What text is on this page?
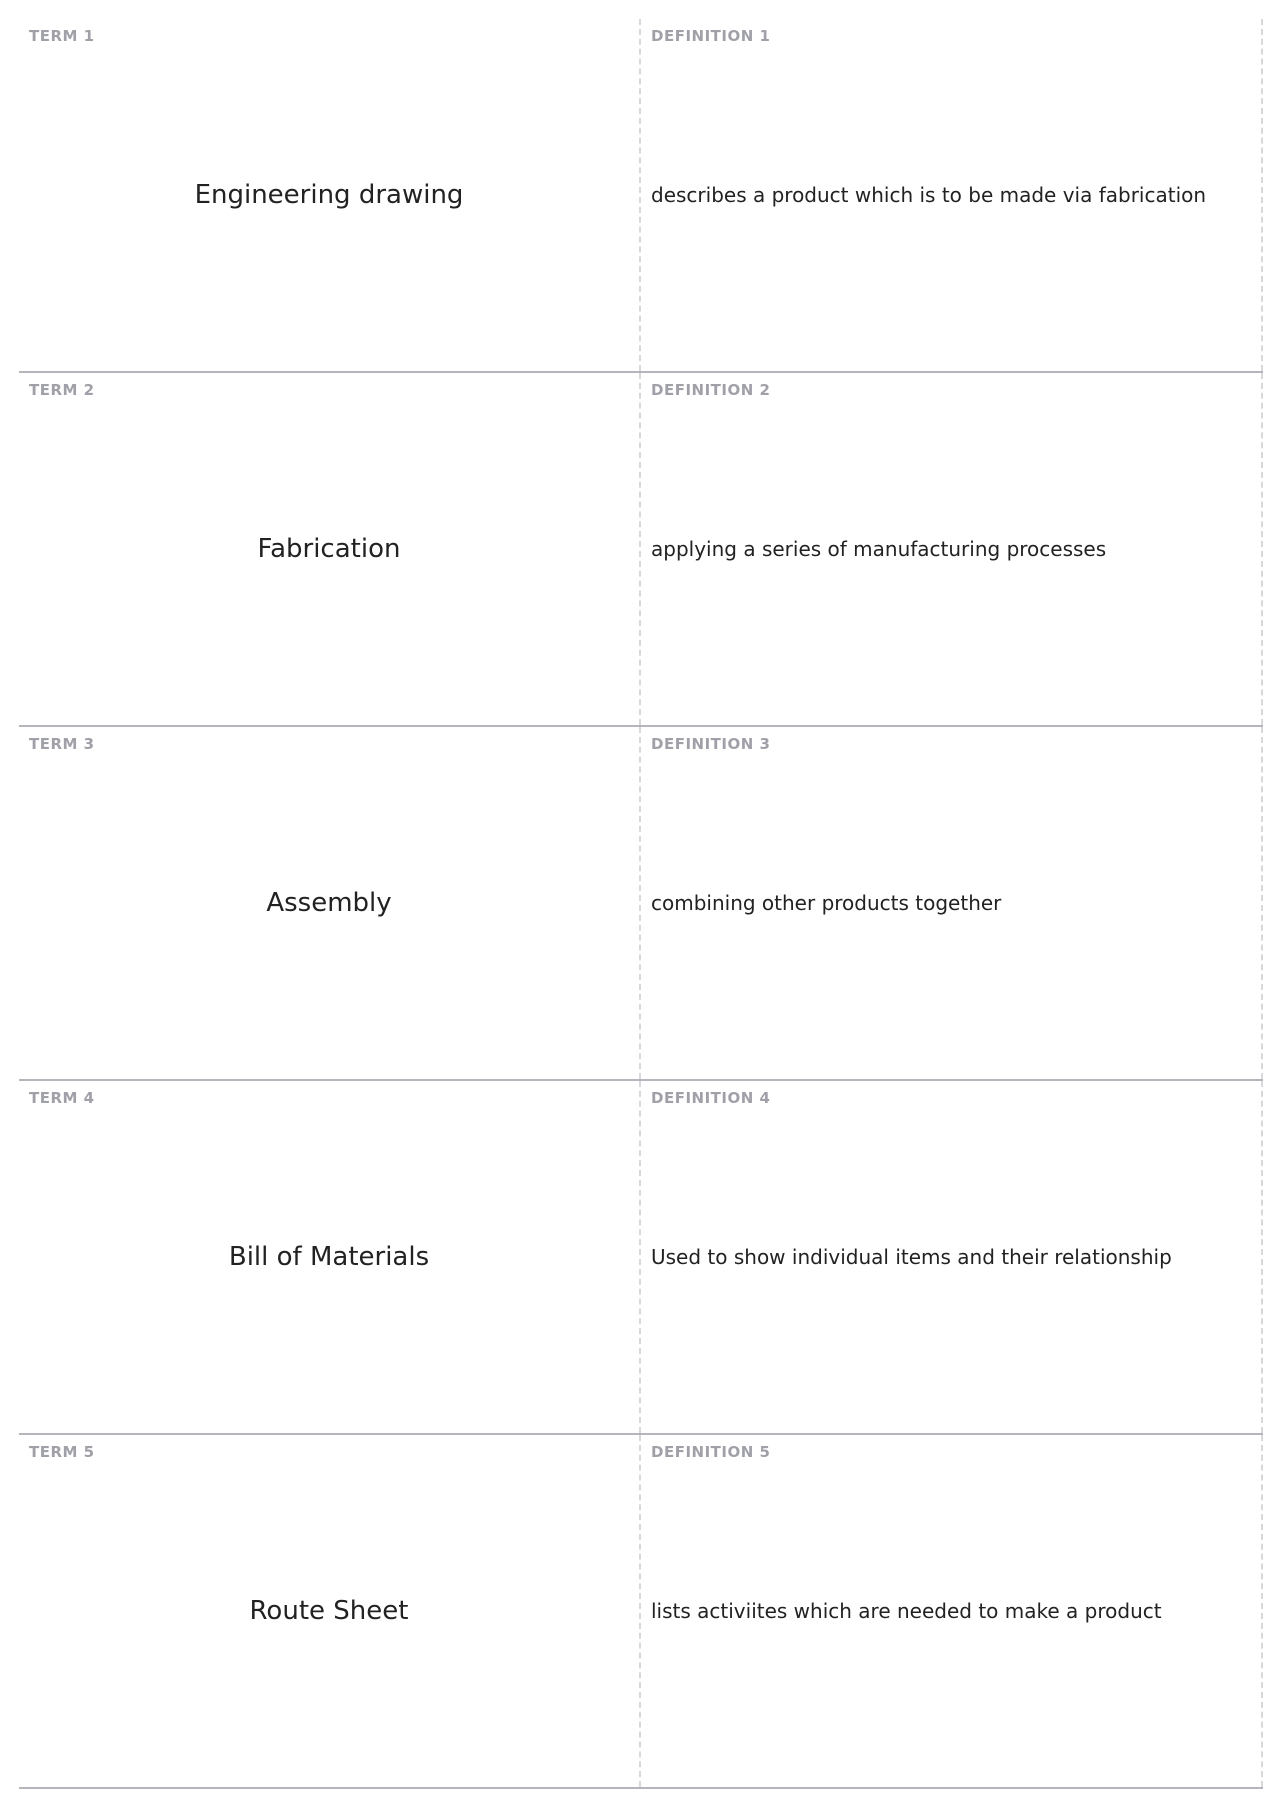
TERM 1
Engineering drawing
DEFINITION 1
describes a product which is to be made via fabrication
TERM 2
Fabrication
DEFINITION 2
applying a series of manufacturing processes
TERM 3
Assembly
DEFINITION 3
combining other products together
TERM 4
Bill of Materials
DEFINITION 4
Used to show individual items and their relationship
TERM 5
Route Sheet
DEFINITION 5
lists activiites which are needed to make a product
